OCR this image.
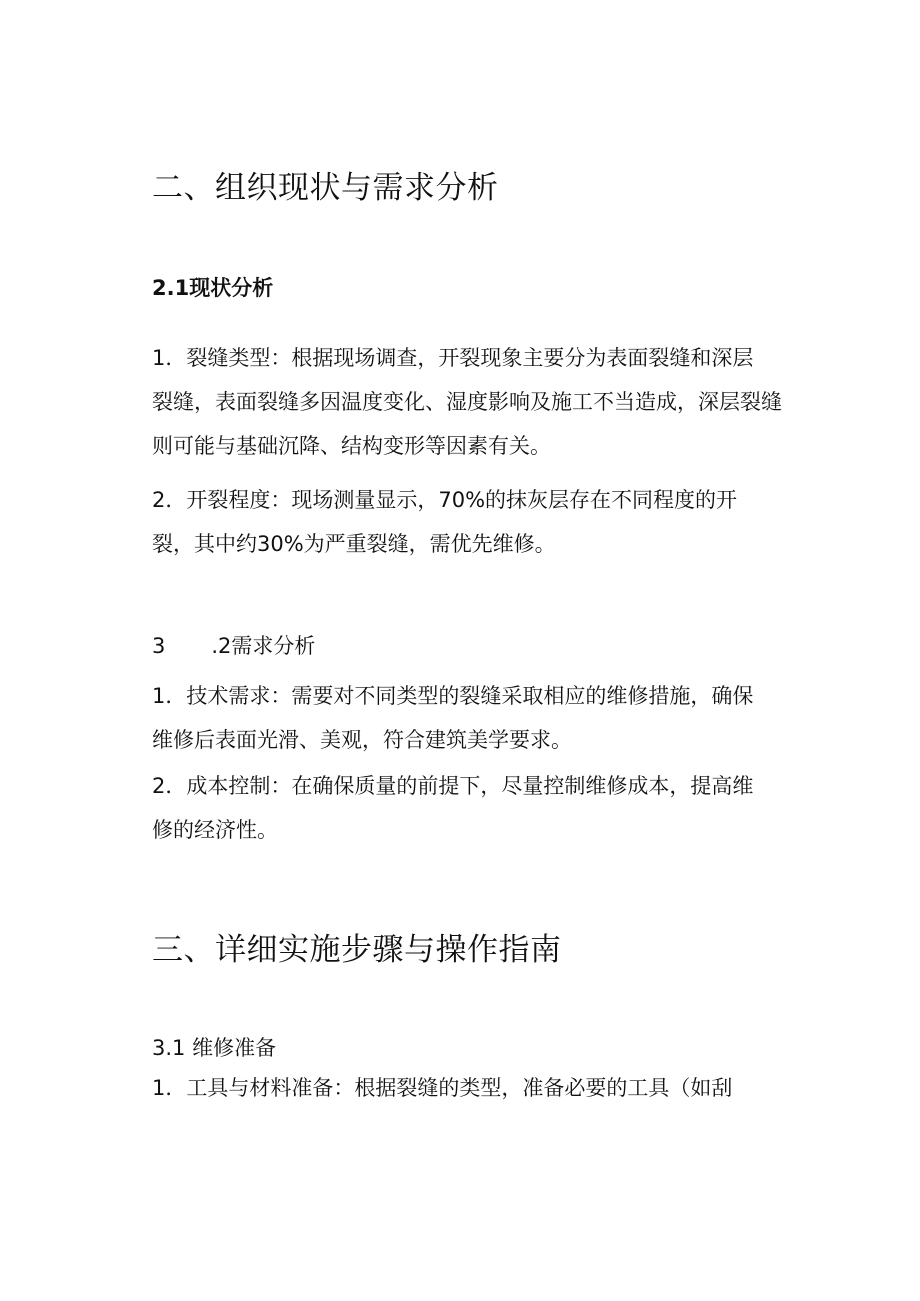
二、组织现状与需求分析
2.1现状分析
1．裂缝类型：根据现场调查，开裂现象主要分为表面裂缝和深层
裂缝，表面裂缝多因温度变化、湿度影响及施工不当造成，深层裂缝
则可能与基础沉降、结构变形等因素有关。
2．开裂程度：现场测量显示，70%的抹灰层存在不同程度的开
裂，其中约30%为严重裂缝，需优先维修。
3 .2需求分析
1．技术需求：需要对不同类型的裂缝采取相应的维修措施，确保
维修后表面光滑、美观，符合建筑美学要求。
2．成本控制：在确保质量的前提下，尽量控制维修成本，提高维
修的经济性。
三、详细实施步骤与操作指南
3.1 维修准备
1．工具与材料准备：根据裂缝的类型，准备必要的工具（如刮
